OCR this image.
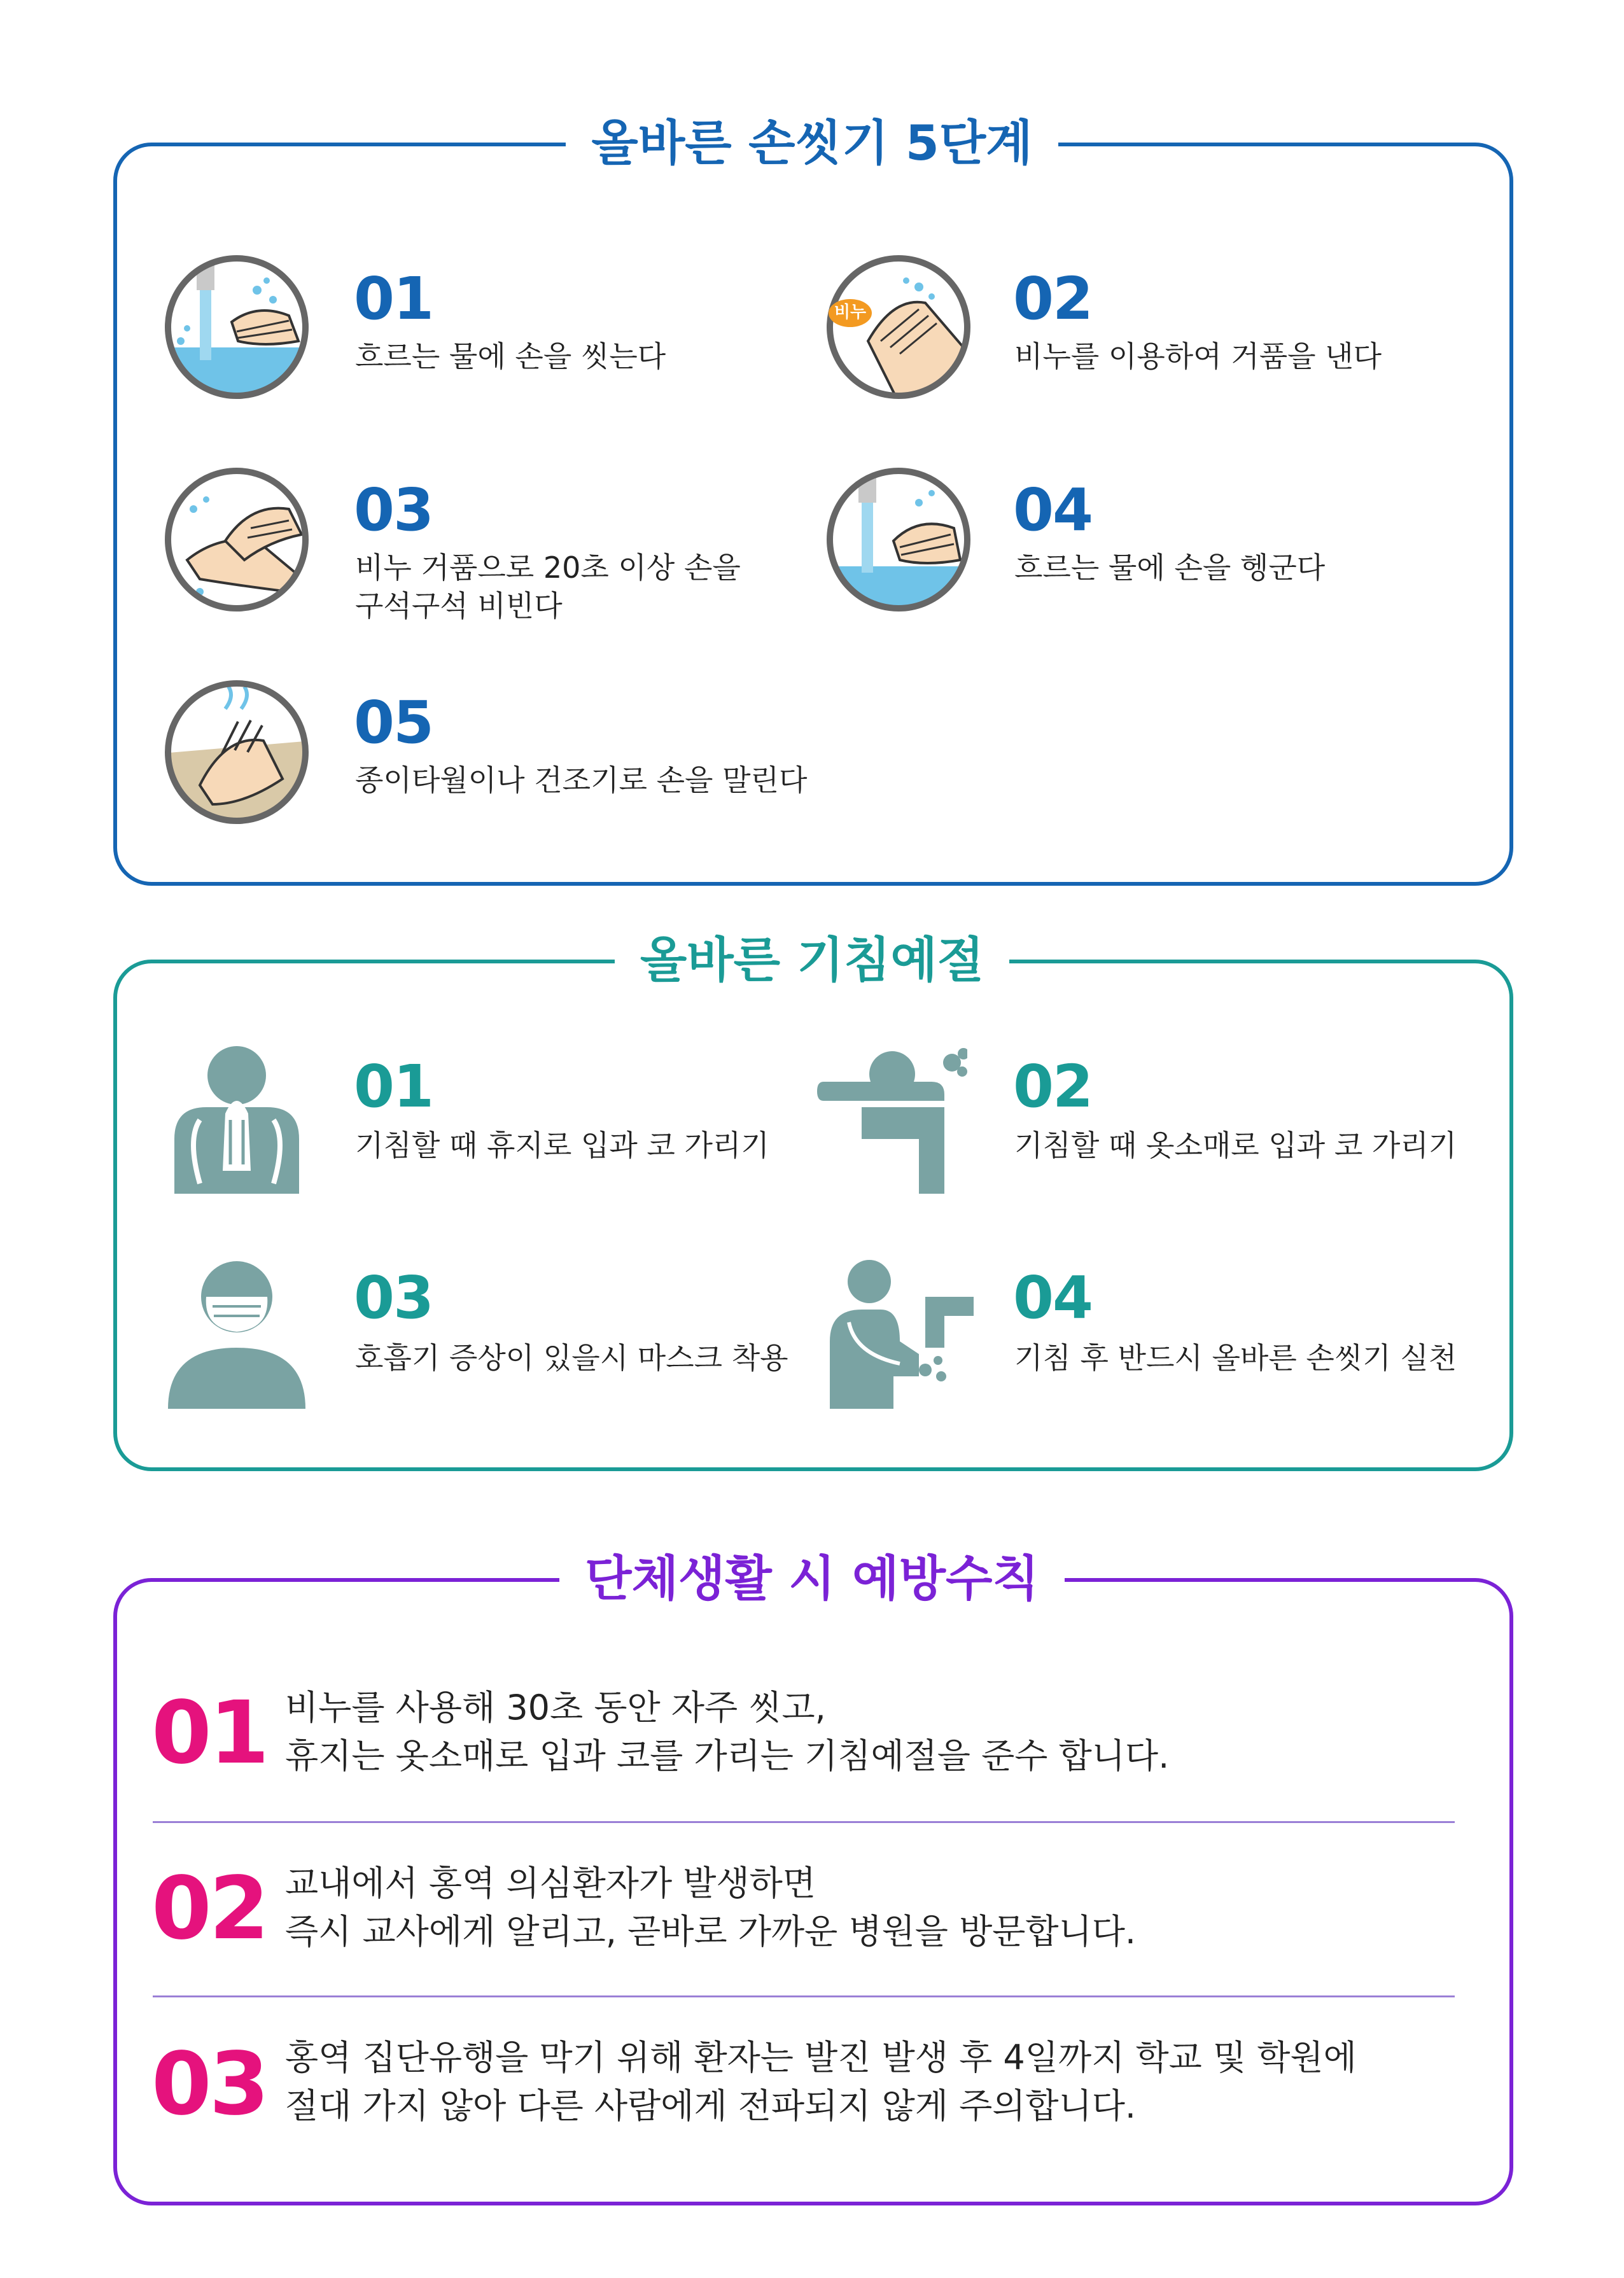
올바른 손씻기 5단계
01
흐르는 물에 손을 씻는다
비누	02
비누를 이용하여 거품을 낸다
03
비누 거품으로 20초 이상 손을
구석구석 비빈다
04
흐르는 물에 손을 헹군다
05
종이타월이나 건조기로 손을 말린다
올바른 기침예절
01
기침할 때 휴지로 입과 코 가리기
02
기침할 때 옷소매로 입과 코 가리기
03
호흡기 증상이 있을시 마스크 착용
04
기침 후 반드시 올바른 손씻기 실천
단체생활 시 예방수칙
01 비누를 사용해 30초 동안 자주 씻고,
휴지는 옷소매로 입과 코를 가리는 기침예절을 준수 합니다.
02 교내에서 홍역 의심환자가 발생하면
즉시 교사에게 알리고, 곧바로 가까운 병원을 방문합니다.
03 홍역 집단유행을 막기 위해 환자는 발진 발생 후 4일까지 학교 및 학원에
절대 가지 않아 다른 사람에게 전파되지 않게 주의합니다.
